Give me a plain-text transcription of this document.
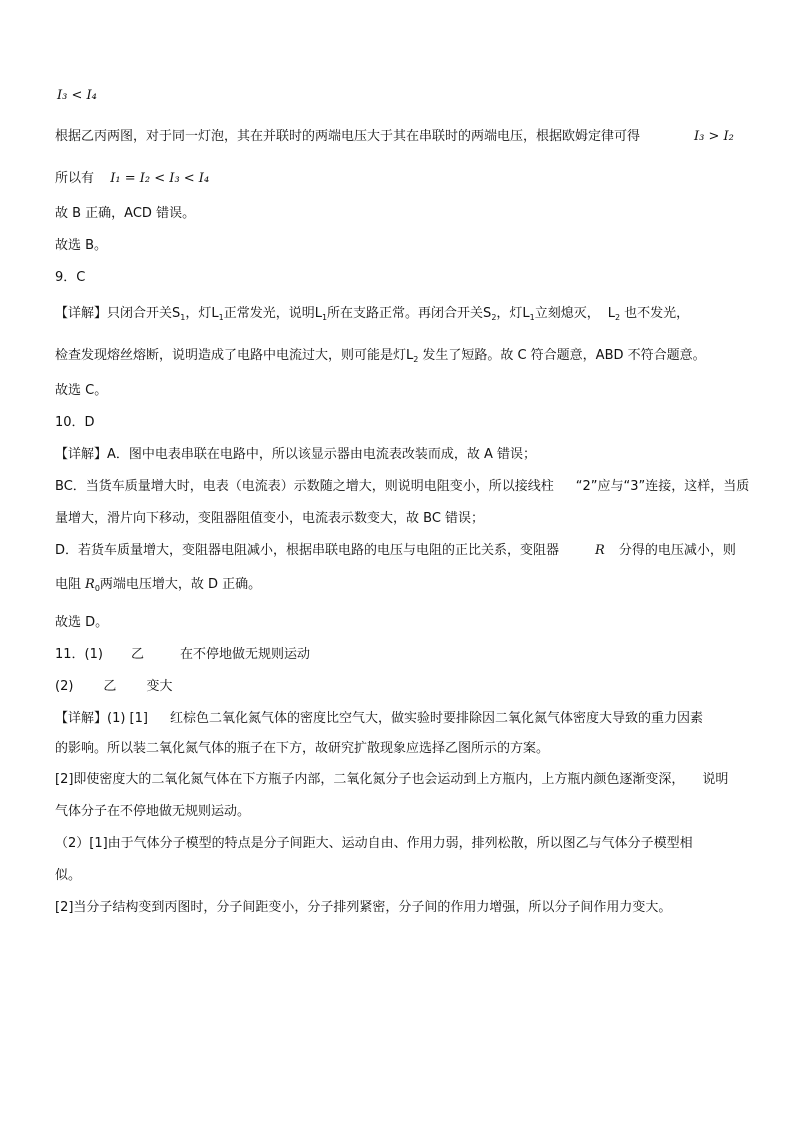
I₃ < I₄
根据乙丙两图，对于同一灯泡，其在并联时的两端电压大于其在串联时的两端电压，根据欧姆定律可得	I₃ > I₂
所以有 I₁ = I₂ < I₃ < I₄
故 B 正确，ACD 错误。
故选 B。
9．C
【详解】只闭合开关$S_1$，灯$L_1$正常发光，说明$L_1$所在支路正常。再闭合开关$S_2$，灯$L_1$立刻熄灭， $L_2$ 也不发光，
检查发现熔丝熔断，说明造成了电路中电流过大，则可能是灯$L_2$ 发生了短路。故 C 符合题意，ABD 不符合题意。
故选 C。
10．D
【详解】A．图中电表串联在电路中，所以该显示器由电流表改装而成，故 A 错误；
BC．当货车质量增大时，电表（电流表）示数随之增大，则说明电阻变小，所以接线柱 “2”应与“3”连接，这样，当质
量增大，滑片向下移动，变阻器阻值变小，电流表示数变大，故 BC 错误；
D．若货车质量增大，变阻器电阻减小，根据串联电路的电压与电阻的正比关系，变阻器	R 分得的电压减小，则
电阻 $R_0$两端电压增大，故 D 正确。
故选 D。
11．(1) 乙	在不停地做无规则运动
(2) 乙 变大
【详解】(1) [1] 红棕色二氧化氮气体的密度比空气大，做实验时要排除因二氧化氮气体密度大导致的重力因素
的影响。所以装二氧化氮气体的瓶子在下方，故研究扩散现象应选择乙图所示的方案。
[2]即使密度大的二氧化氮气体在下方瓶子内部，二氧化氮分子也会运动到上方瓶内，上方瓶内颜色逐渐变深， 说明
气体分子在不停地做无规则运动。
（2）[1]由于气体分子模型的特点是分子间距大、运动自由、作用力弱，排列松散，所以图乙与气体分子模型相
似。
[2]当分子结构变到丙图时，分子间距变小，分子排列紧密，分子间的作用力增强，所以分子间作用力变大。
